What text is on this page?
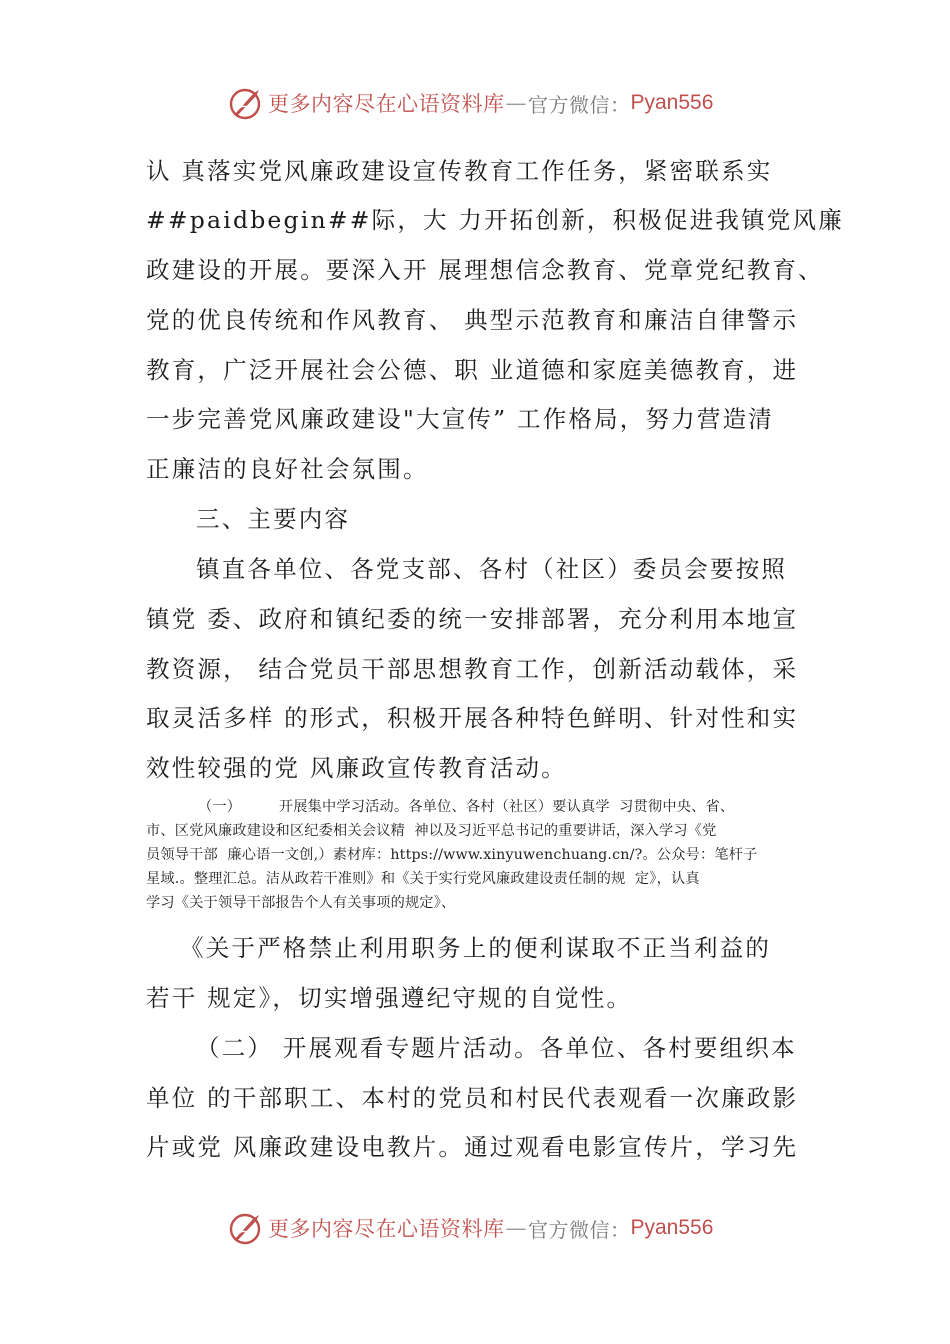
更多内容尽在心语资料库 — 官方微信： Pyan556
认 真落实党风廉政建设宣传教育工作任务，紧密联系实
##paidbegin##际，大 力开拓创新，积极促进我镇党风廉
政建设的开展。要深入开 展理想信念教育、党章党纪教育、
党的优良传统和作风教育、 典型示范教育和廉洁自律警示
教育，广泛开展社会公德、职 业道德和家庭美德教育，进
一步完善党风廉政建设"大宣传” 工作格局，努力营造清
正廉洁的良好社会氛围。
三、主要内容
镇直各单位、各党支部、各村（社区）委员会要按照
镇党 委、政府和镇纪委的统一安排部署，充分利用本地宣
教资源， 结合党员干部思想教育工作，创新活动载体，采
取灵活多样 的形式，积极开展各种特色鲜明、针对性和实
效性较强的党 风廉政宣传教育活动。
（一）        开展集中学习活动。各单位、各村（社区）要认真学  习贯彻中央、省、
市、区党风廉政建设和区纪委相关会议精  神以及习近平总书记的重要讲话，深入学习《党
员领导干部  廉心语一文创,）素材库：https://www.xinyuwenchuang.cn/?。公众号：笔杆子
星域.。整理汇总。洁从政若干准则》和《关于实行党风廉政建设责任制的规  定》，认真
学习《关于领导干部报告个人有关事项的规定》、
《关于严格禁止利用职务上的便利谋取不正当利益的
若干 规定》，切实增强遵纪守规的自觉性。
（二） 开展观看专题片活动。各单位、各村要组织本
单位 的干部职工、本村的党员和村民代表观看一次廉政影
片或党 风廉政建设电教片。通过观看电影宣传片，学习先
更多内容尽在心语资料库 — 官方微信： Pyan556
